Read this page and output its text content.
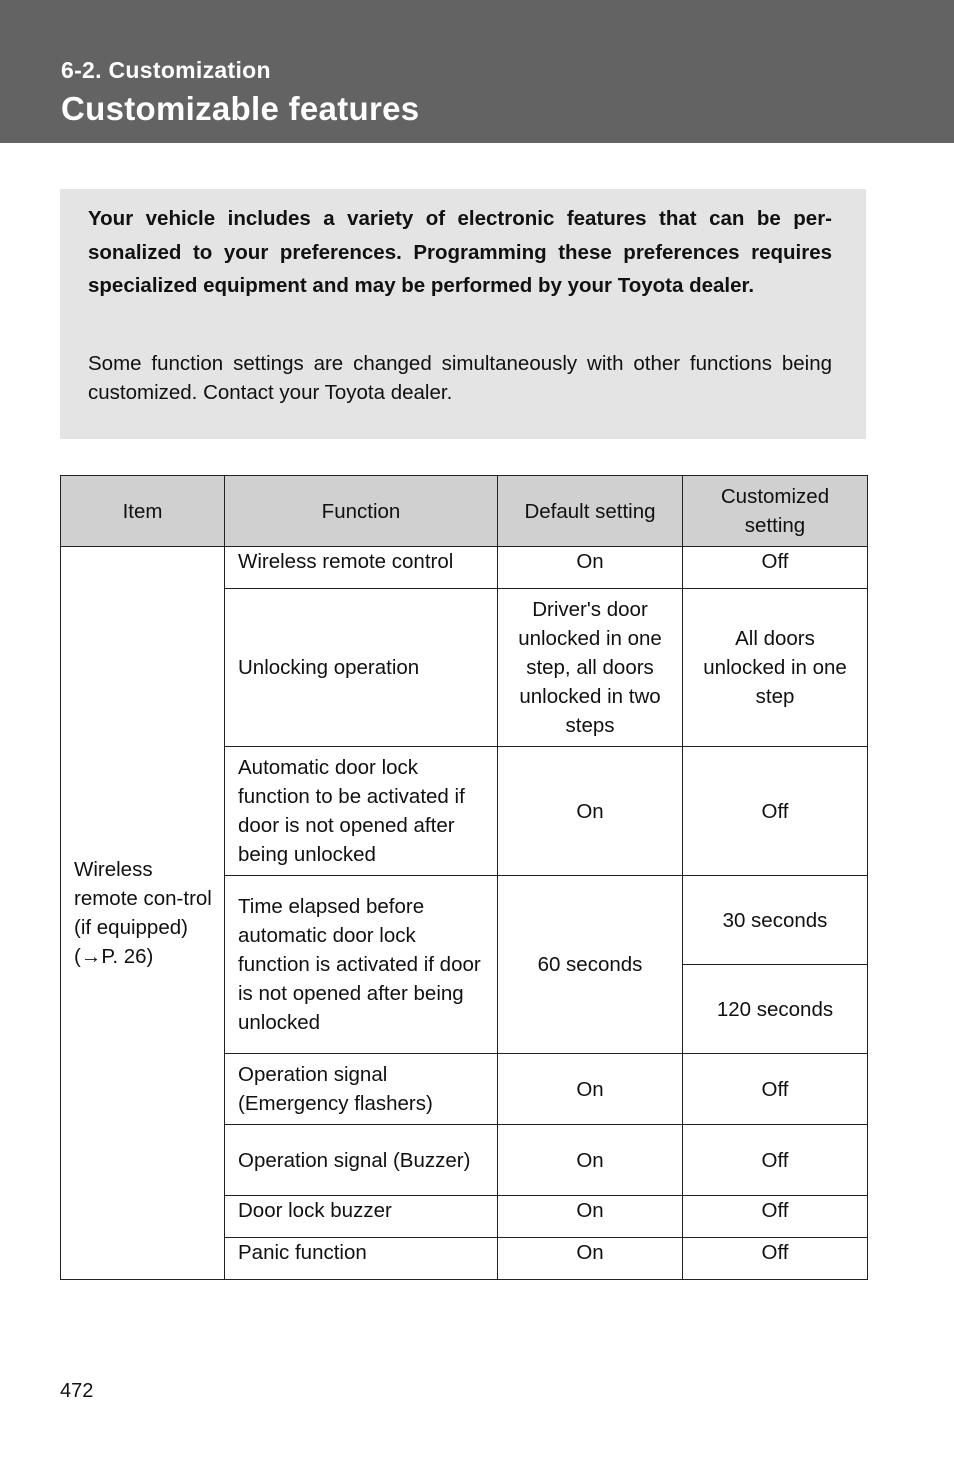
6-2. Customization
Customizable features
Your vehicle includes a variety of electronic features that can be per-sonalized to your preferences. Programming these preferences requires specialized equipment and may be performed by your Toyota dealer.
Some function settings are changed simultaneously with other functions being customized. Contact your Toyota dealer.
Item	Function	Default setting	Customized setting
Wireless remote con-trol (if equipped) (→P. 26)	Wireless remote control	On	Off
	Unlocking operation	Driver's door unlocked in one step, all doors unlocked in two steps	All doors unlocked in one step
	Automatic door lock function to be activated if door is not opened after being unlocked	On	Off
	Time elapsed before automatic door lock function is activated if door is not opened after being unlocked	60 seconds	30 seconds
			120 seconds
	Operation signal (Emergency flashers)	On	Off
	Operation signal (Buzzer)	On	Off
	Door lock buzzer	On	Off
	Panic function	On	Off
472
